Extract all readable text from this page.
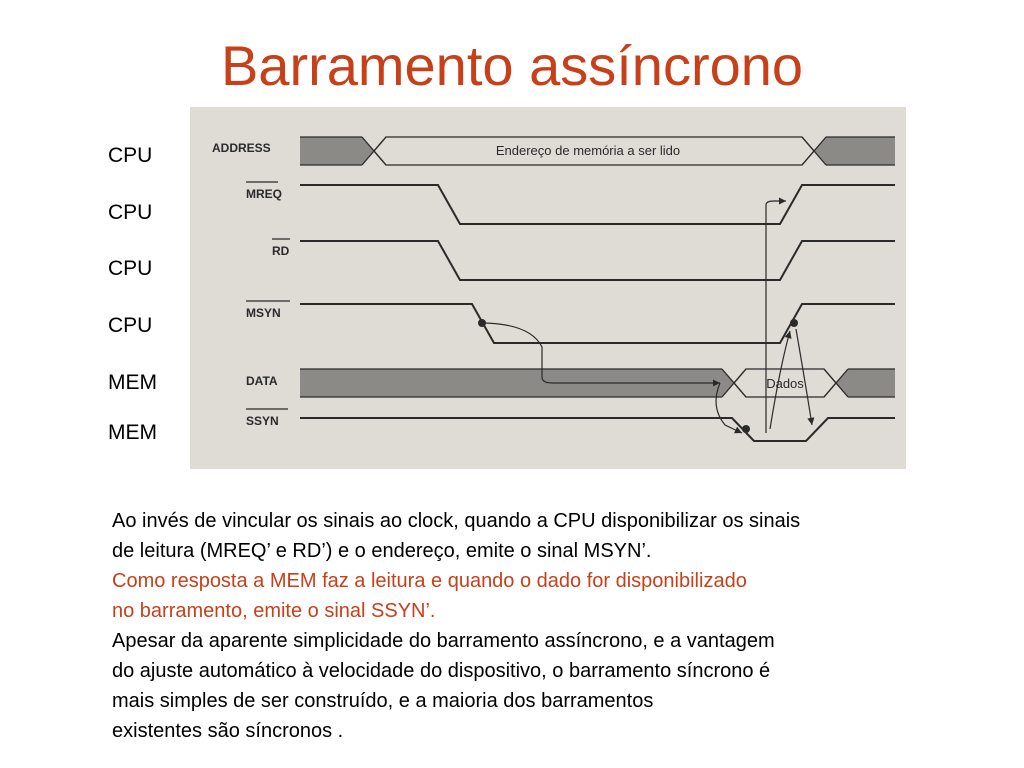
Barramento assíncrono
CPU
CPU
CPU
CPU
MEM
MEM
ADDRESS
MREQ
RD
MSYN
DATA
SSYN
Endereço de memória a ser lido
Dados
Ao invés de vincular os sinais ao clock, quando a CPU disponibilizar os sinais
de leitura (MREQ’ e RD’) e o endereço, emite o sinal MSYN’.
Como resposta a MEM faz a leitura e quando o dado for disponibilizado
no barramento, emite o sinal SSYN’.
Apesar da aparente simplicidade do barramento assíncrono, e a vantagem
do ajuste automático à velocidade do dispositivo, o barramento síncrono é
mais simples de ser construído, e a maioria dos barramentos
existentes são síncronos .
